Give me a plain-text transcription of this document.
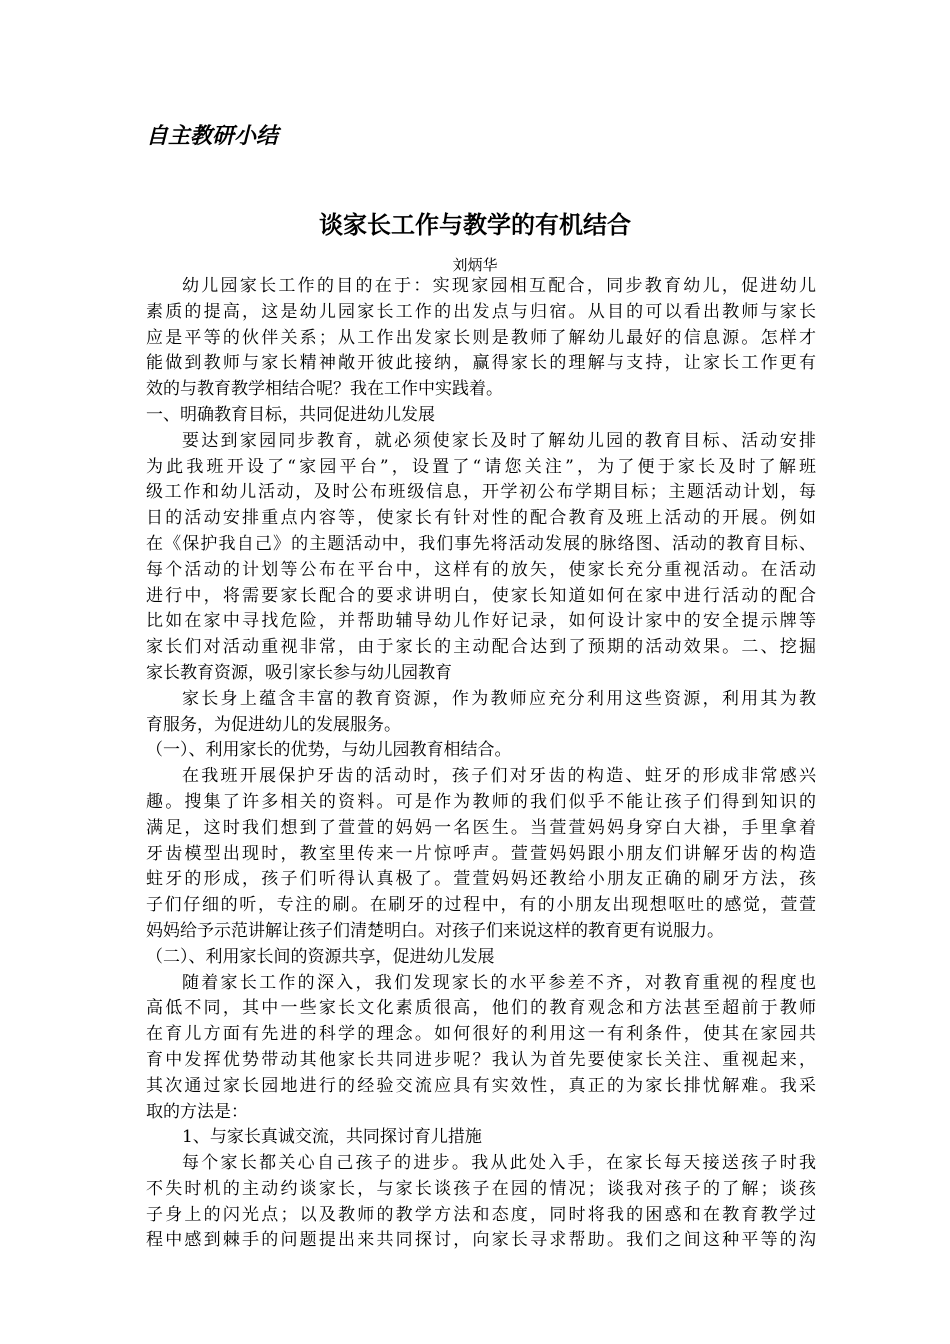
自主教研小结
谈家长工作与教学的有机结合
刘炳华
幼儿园家长工作的目的在于：实现家园相互配合，同步教育幼儿，促进幼儿
素质的提高，这是幼儿园家长工作的出发点与归宿。从目的可以看出教师与家长
应是平等的伙伴关系；从工作出发家长则是教师了解幼儿最好的信息源。怎样才
能做到教师与家长精神敞开彼此接纳，赢得家长的理解与支持，让家长工作更有
效的与教育教学相结合呢？我在工作中实践着。
一、明确教育目标，共同促进幼儿发展
要达到家园同步教育，就必须使家长及时了解幼儿园的教育目标、活动安排
为此我班开设了“家园平台”，设置了“请您关注”，为了便于家长及时了解班
级工作和幼儿活动，及时公布班级信息，开学初公布学期目标；主题活动计划，每
日的活动安排重点内容等，使家长有针对性的配合教育及班上活动的开展。例如
在《保护我自己》的主题活动中，我们事先将活动发展的脉络图、活动的教育目标、
每个活动的计划等公布在平台中，这样有的放矢，使家长充分重视活动。在活动
进行中，将需要家长配合的要求讲明白，使家长知道如何在家中进行活动的配合
比如在家中寻找危险，并帮助辅导幼儿作好记录，如何设计家中的安全提示牌等
家长们对活动重视非常，由于家长的主动配合达到了预期的活动效果。二、挖掘
家长教育资源，吸引家长参与幼儿园教育
家长身上蕴含丰富的教育资源，作为教师应充分利用这些资源，利用其为教
育服务，为促进幼儿的发展服务。
（一）、利用家长的优势，与幼儿园教育相结合。
在我班开展保护牙齿的活动时，孩子们对牙齿的构造、蛀牙的形成非常感兴
趣。搜集了许多相关的资料。可是作为教师的我们似乎不能让孩子们得到知识的
满足，这时我们想到了萱萱的妈妈一名医生。当萱萱妈妈身穿白大褂，手里拿着
牙齿模型出现时，教室里传来一片惊呼声。萱萱妈妈跟小朋友们讲解牙齿的构造
蛀牙的形成，孩子们听得认真极了。萱萱妈妈还教给小朋友正确的刷牙方法，孩
子们仔细的听，专注的刷。在刷牙的过程中，有的小朋友出现想呕吐的感觉，萱萱
妈妈给予示范讲解让孩子们清楚明白。对孩子们来说这样的教育更有说服力。
（二）、利用家长间的资源共享，促进幼儿发展
随着家长工作的深入，我们发现家长的水平参差不齐，对教育重视的程度也
高低不同，其中一些家长文化素质很高，他们的教育观念和方法甚至超前于教师
在育儿方面有先进的科学的理念。如何很好的利用这一有利条件，使其在家园共
育中发挥优势带动其他家长共同进步呢？我认为首先要使家长关注、重视起来，
其次通过家长园地进行的经验交流应具有实效性，真正的为家长排忧解难。我采
取的方法是：
1、与家长真诚交流，共同探讨育儿措施
每个家长都关心自己孩子的进步。我从此处入手，在家长每天接送孩子时我
不失时机的主动约谈家长，与家长谈孩子在园的情况；谈我对孩子的了解；谈孩
子身上的闪光点；以及教师的教学方法和态度，同时将我的困惑和在教育教学过
程中感到棘手的问题提出来共同探讨，向家长寻求帮助。我们之间这种平等的沟
